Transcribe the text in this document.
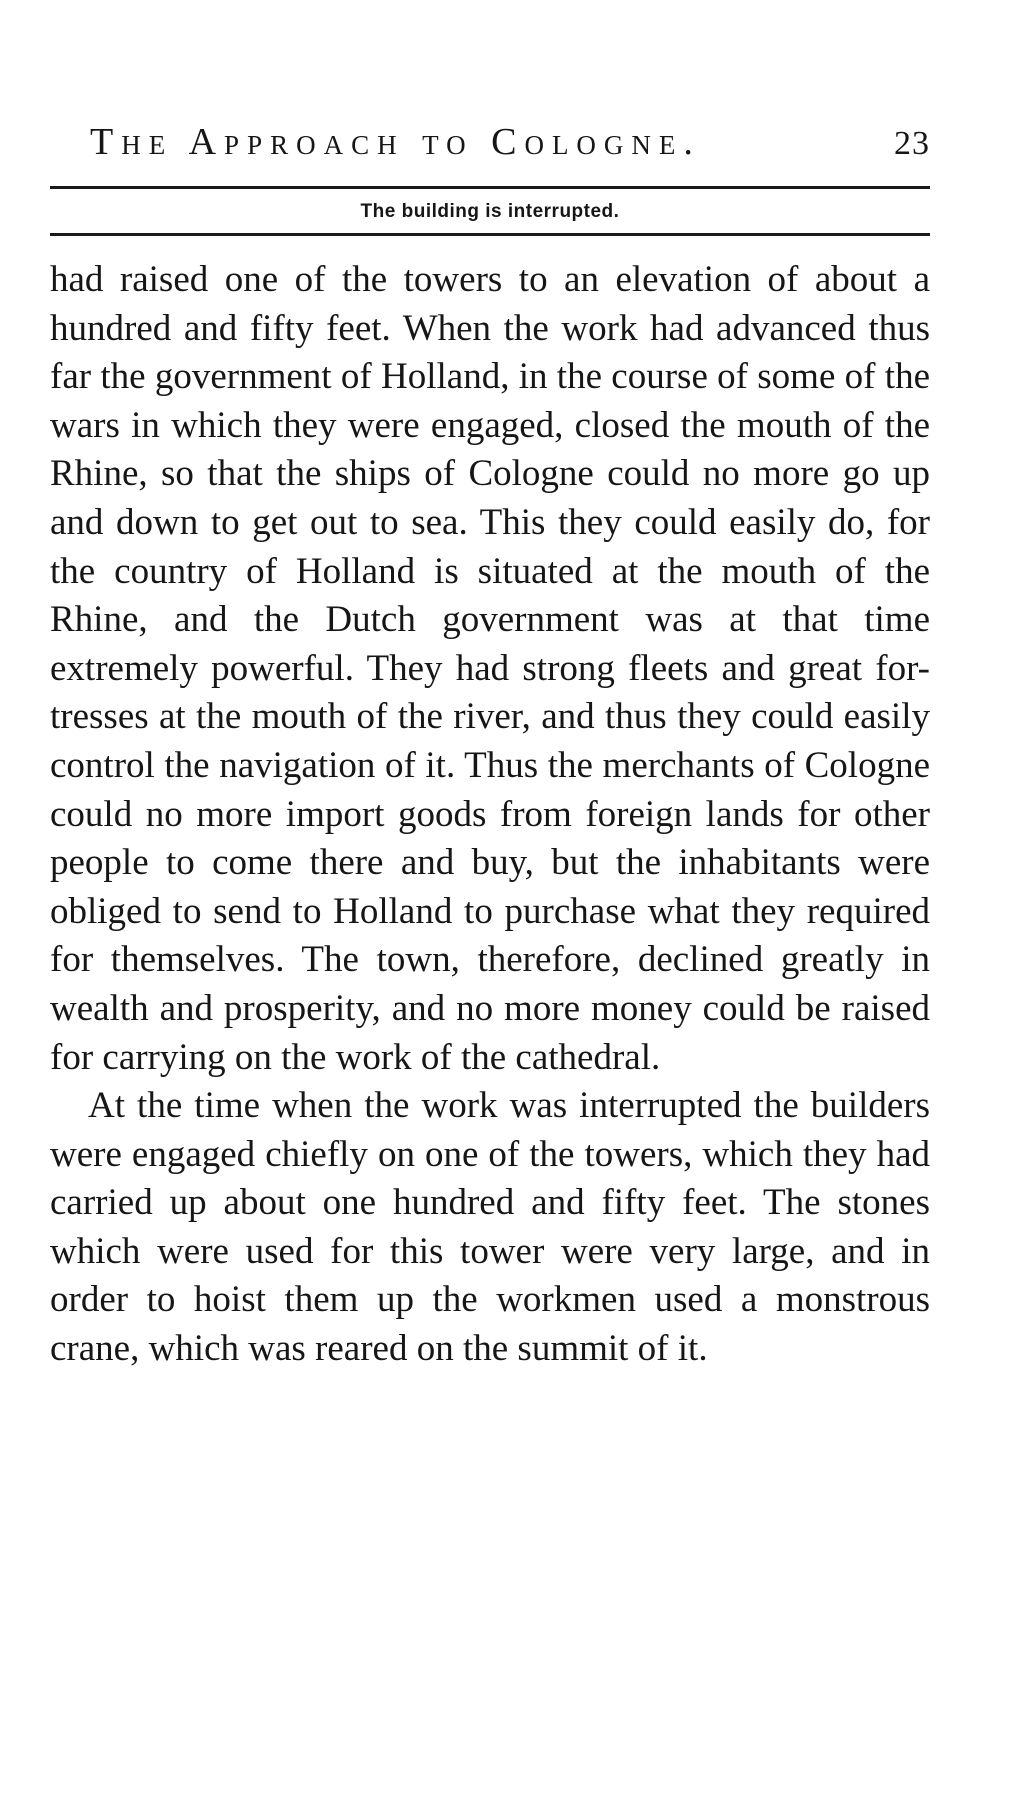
The Approach to Cologne.	23
The building is interrupted.

had raised one of the towers to an elevation of about a hundred and fifty feet. When the work had advanced thus far the government of Holland, in the course of some of the wars in which they were engaged, closed the mouth of the Rhine, so that the ships of Cologne could no more go up and down to get out to sea. This they could easily do, for the country of Holland is situated at the mouth of the Rhine, and the Dutch government was at that time extremely powerful. They had strong fleets and great for-tresses at the mouth of the river, and thus they could easily control the navigation of it. Thus the merchants of Cologne could no more import goods from foreign lands for other people to come there and buy, but the inhabitants were obliged to send to Holland to purchase what they required for themselves. The town, therefore, declined greatly in wealth and prosperity, and no more money could be raised for carrying on the work of the cathedral.

At the time when the work was interrupted the builders were engaged chiefly on one of the towers, which they had carried up about one hundred and fifty feet. The stones which were used for this tower were very large, and in order to hoist them up the workmen used a monstrous crane, which was reared on the summit of it.
